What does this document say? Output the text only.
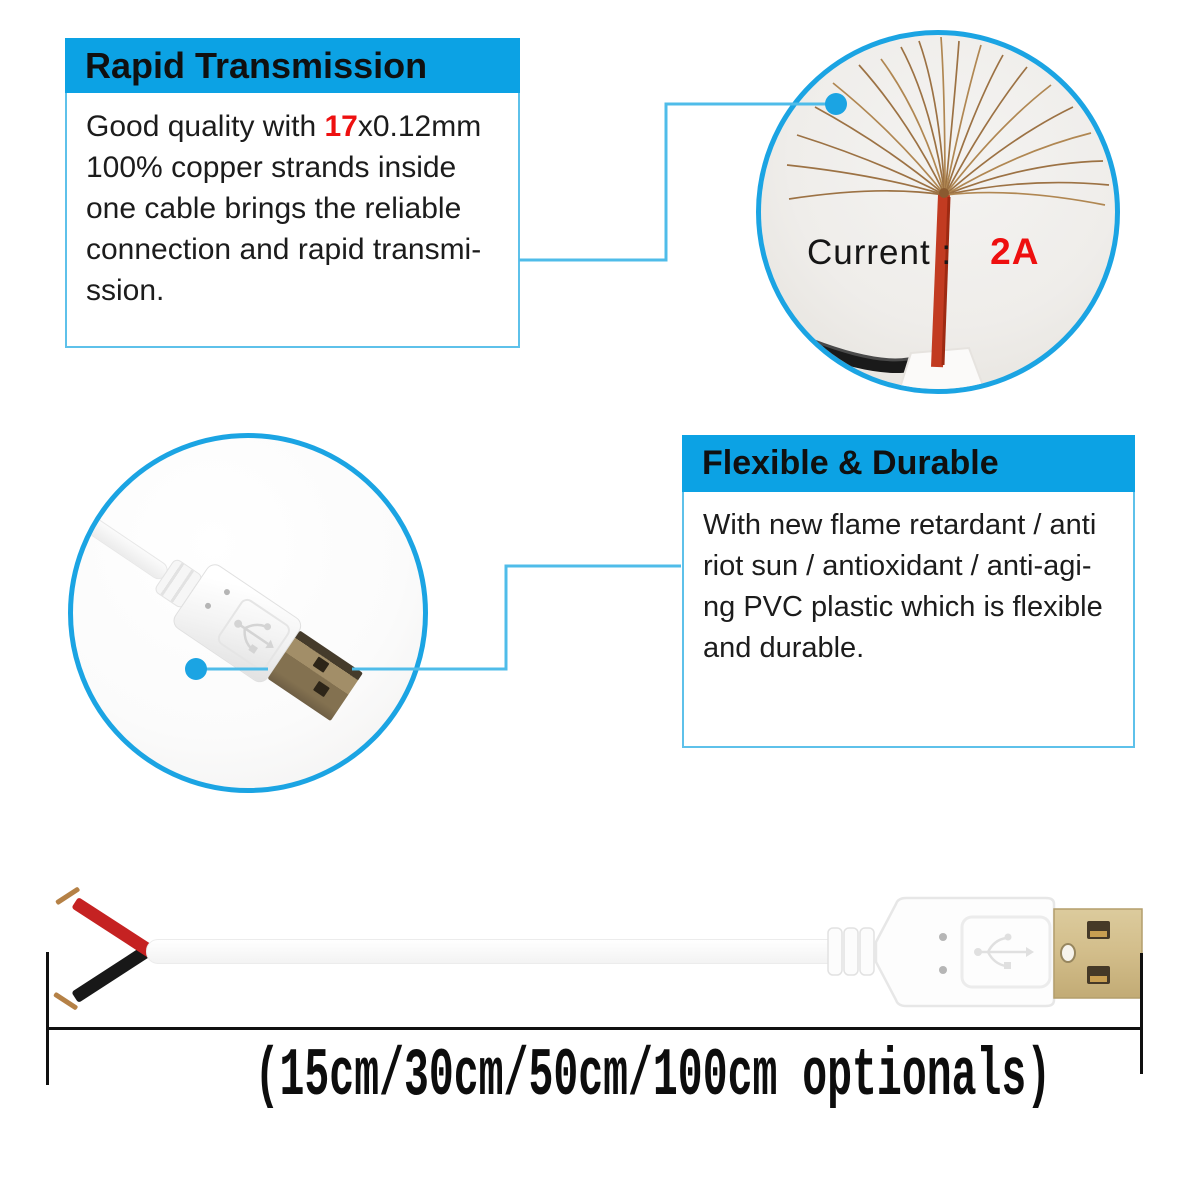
Rapid Transmission
Good quality with 17x0.12mm
100% copper strands inside
one cable brings the reliable
connection and rapid transmi-
ssion.
Flexible & Durable
With new flame retardant / anti
riot sun / antioxidant / anti-agi-
ng PVC plastic which is flexible
and durable.
Current : 2A
(15cm/30cm/50cm/100cm optionals)
